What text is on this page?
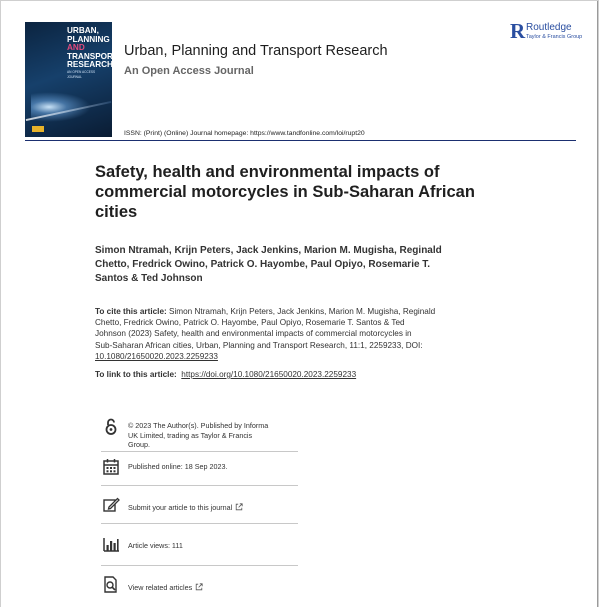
URBAN,
PLANNING
AND
TRANSPORT
RESEARCH
AN OPEN ACCESS JOURNAL
Urban, Planning and Transport Research
An Open Access Journal
ISSN: (Print) (Online) Journal homepage: https://www.tandfonline.com/loi/rupt20
R Routledge
Taylor & Francis Group
Safety, health and environmental impacts of
commercial motorcycles in Sub-Saharan African
cities
Simon Ntramah, Krijn Peters, Jack Jenkins, Marion M. Mugisha, Reginald
Chetto, Fredrick Owino, Patrick O. Hayombe, Paul Opiyo, Rosemarie T.
Santos & Ted Johnson
To cite this article: Simon Ntramah, Krijn Peters, Jack Jenkins, Marion M. Mugisha, Reginald
Chetto, Fredrick Owino, Patrick O. Hayombe, Paul Opiyo, Rosemarie T. Santos & Ted
Johnson (2023) Safety, health and environmental impacts of commercial motorcycles in
Sub-Saharan African cities, Urban, Planning and Transport Research, 11:1, 2259233, DOI:
10.1080/21650020.2023.2259233
To link to this article: https://doi.org/10.1080/21650020.2023.2259233
© 2023 The Author(s). Published by Informa
UK Limited, trading as Taylor & Francis
Group.
Published online: 18 Sep 2023.
Submit your article to this journal
Article views: 111
View related articles
